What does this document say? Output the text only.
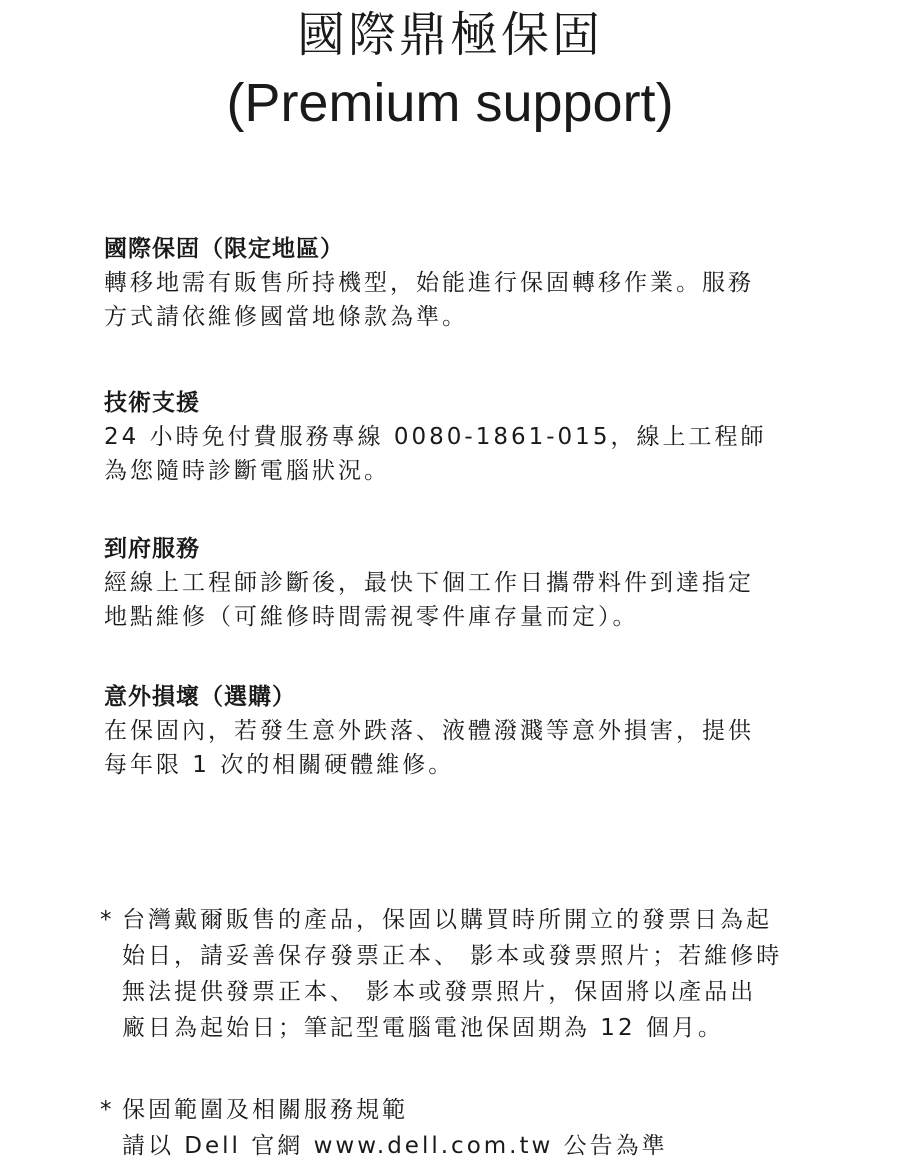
國際鼎極保固
(Premium support)

國際保固（限定地區）

轉移地需有販售所持機型，始能進行保固轉移作業。服務
方式請依維修國當地條款為準。

技術支援

24 小時免付費服務專線 0080-1861-015，線上工程師
為您隨時診斷電腦狀況。

到府服務

經線上工程師診斷後，最快下個工作日攜帶料件到達指定
地點維修（可維修時間需視零件庫存量而定）。

意外損壞（選購）

在保固內，若發生意外跌落、液體潑濺等意外損害，提供
每年限 1 次的相關硬體維修。

* 台灣戴爾販售的產品，保固以購買時所開立的發票日為起
始日，請妥善保存發票正本、 影本或發票照片；若維修時
無法提供發票正本、 影本或發票照片，保固將以產品出
廠日為起始日；筆記型電腦電池保固期為 12 個月。
* 保固範圍及相關服務規範
請以 Dell 官網 www.dell.com.tw 公告為準
